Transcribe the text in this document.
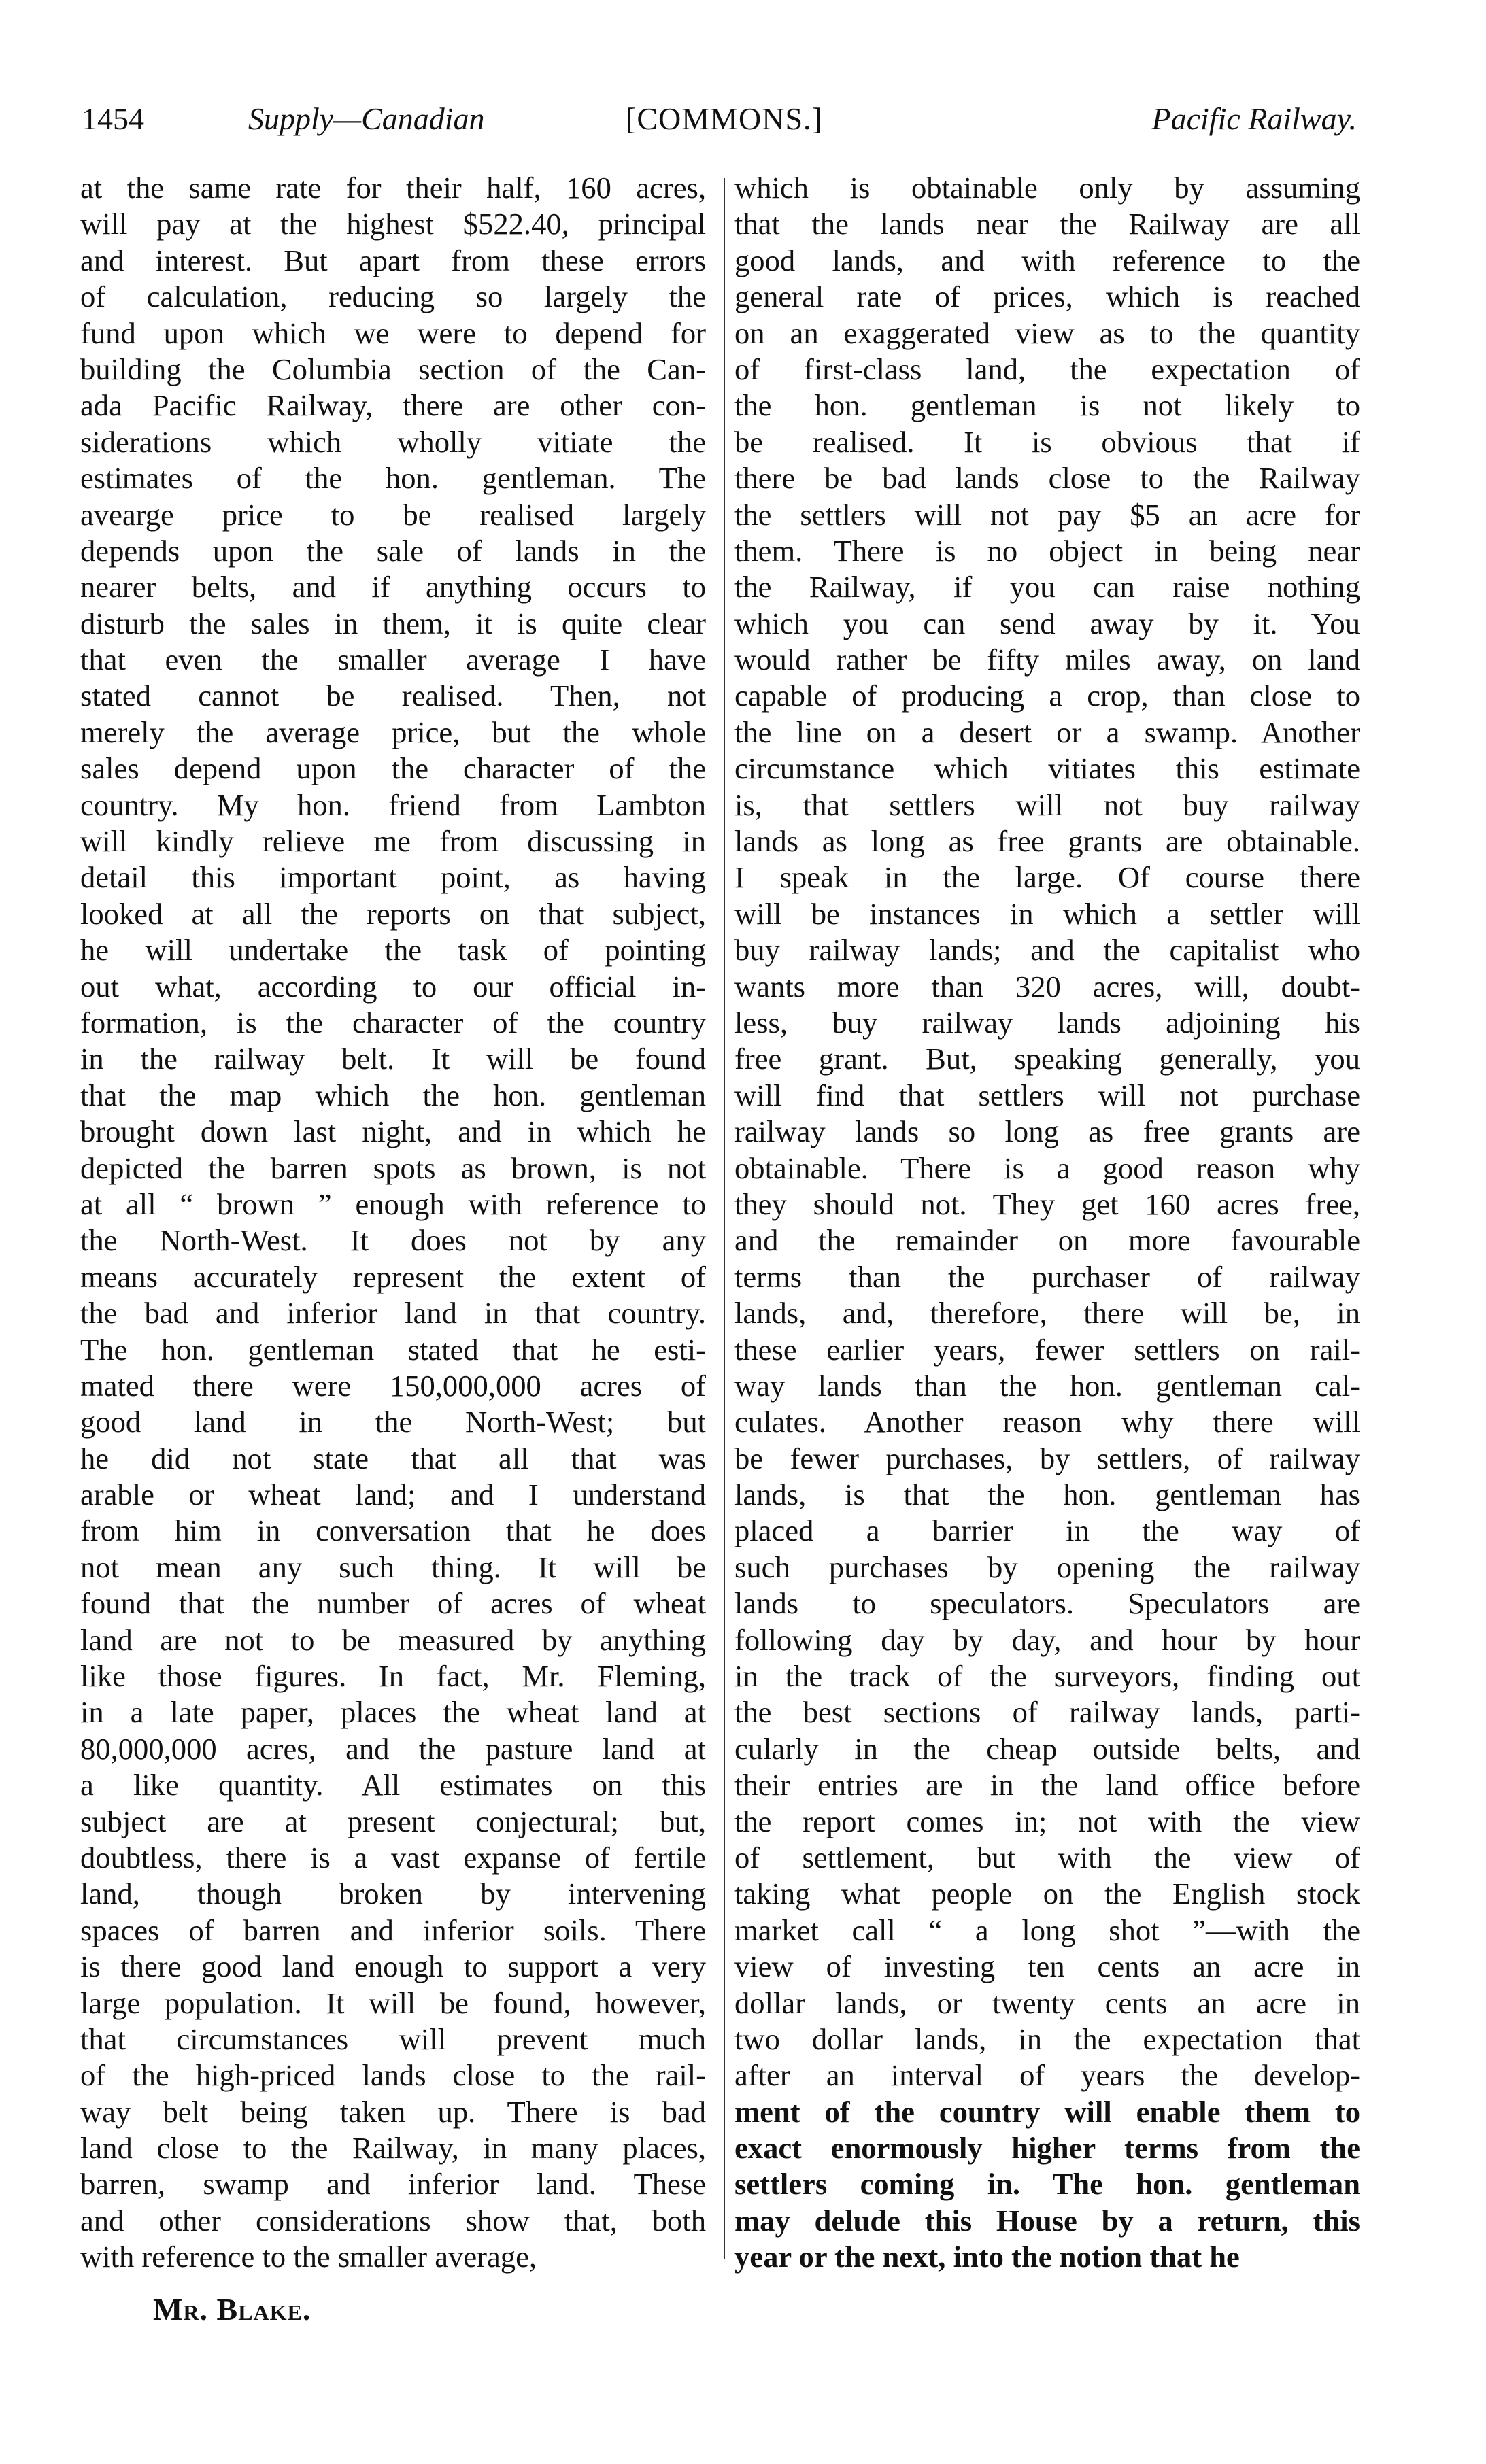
1454	Supply—Canadian	[COMMONS.]	Pacific Railway.
at the same rate for their half, 160 acres,
will pay at the highest $522.40, principal
and interest. But apart from these errors
of calculation, reducing so largely the
fund upon which we were to depend for
building the Columbia section of the Can-
ada Pacific Railway, there are other con-
siderations which wholly vitiate the
estimates of the hon. gentleman. The
avearge price to be realised largely
depends upon the sale of lands in the
nearer belts, and if anything occurs to
disturb the sales in them, it is quite clear
that even the smaller average I have
stated cannot be realised. Then, not
merely the average price, but the whole
sales depend upon the character of the
country. My hon. friend from Lambton
will kindly relieve me from discussing in
detail this important point, as having
looked at all the reports on that subject,
he will undertake the task of pointing
out what, according to our official in-
formation, is the character of the country
in the railway belt. It will be found
that the map which the hon. gentleman
brought down last night, and in which he
depicted the barren spots as brown, is not
at all “ brown ” enough with reference to
the North-West. It does not by any
means accurately represent the extent of
the bad and inferior land in that country.
The hon. gentleman stated that he esti-
mated there were 150,000,000 acres of
good land in the North-West; but
he did not state that all that was
arable or wheat land; and I understand
from him in conversation that he does
not mean any such thing. It will be
found that the number of acres of wheat
land are not to be measured by anything
like those figures. In fact, Mr. Fleming,
in a late paper, places the wheat land at
80,000,000 acres, and the pasture land at
a like quantity. All estimates on this
subject are at present conjectural; but,
doubtless, there is a vast expanse of fertile
land, though broken by intervening
spaces of barren and inferior soils. There
is there good land enough to support a very
large population. It will be found, however,
that circumstances will prevent much
of the high-priced lands close to the rail-
way belt being taken up. There is bad
land close to the Railway, in many places,
barren, swamp and inferior land. These
and other considerations show that, both
with reference to the smaller average,
which is obtainable only by assuming
that the lands near the Railway are all
good lands, and with reference to the
general rate of prices, which is reached
on an exaggerated view as to the quantity
of first-class land, the expectation of
the hon. gentleman is not likely to
be realised. It is obvious that if
there be bad lands close to the Railway
the settlers will not pay $5 an acre for
them. There is no object in being near
the Railway, if you can raise nothing
which you can send away by it. You
would rather be fifty miles away, on land
capable of producing a crop, than close to
the line on a desert or a swamp. Another
circumstance which vitiates this estimate
is, that settlers will not buy railway
lands as long as free grants are obtainable.
I speak in the large. Of course there
will be instances in which a settler will
buy railway lands; and the capitalist who
wants more than 320 acres, will, doubt-
less, buy railway lands adjoining his
free grant. But, speaking generally, you
will find that settlers will not purchase
railway lands so long as free grants are
obtainable. There is a good reason why
they should not. They get 160 acres free,
and the remainder on more favourable
terms than the purchaser of railway
lands, and, therefore, there will be, in
these earlier years, fewer settlers on rail-
way lands than the hon. gentleman cal-
culates. Another reason why there will
be fewer purchases, by settlers, of railway
lands, is that the hon. gentleman has
placed a barrier in the way of
such purchases by opening the railway
lands to speculators. Speculators are
following day by day, and hour by hour
in the track of the surveyors, finding out
the best sections of railway lands, parti-
cularly in the cheap outside belts, and
their entries are in the land office before
the report comes in; not with the view
of settlement, but with the view of
taking what people on the English stock
market call “ a long shot ”—with the
view of investing ten cents an acre in
dollar lands, or twenty cents an acre in
two dollar lands, in the expectation that
after an interval of years the develop-
ment of the country will enable them to
exact enormously higher terms from the
settlers coming in. The hon. gentleman
may delude this House by a return, this
year or the next, into the notion that he
Mr. Blake.
